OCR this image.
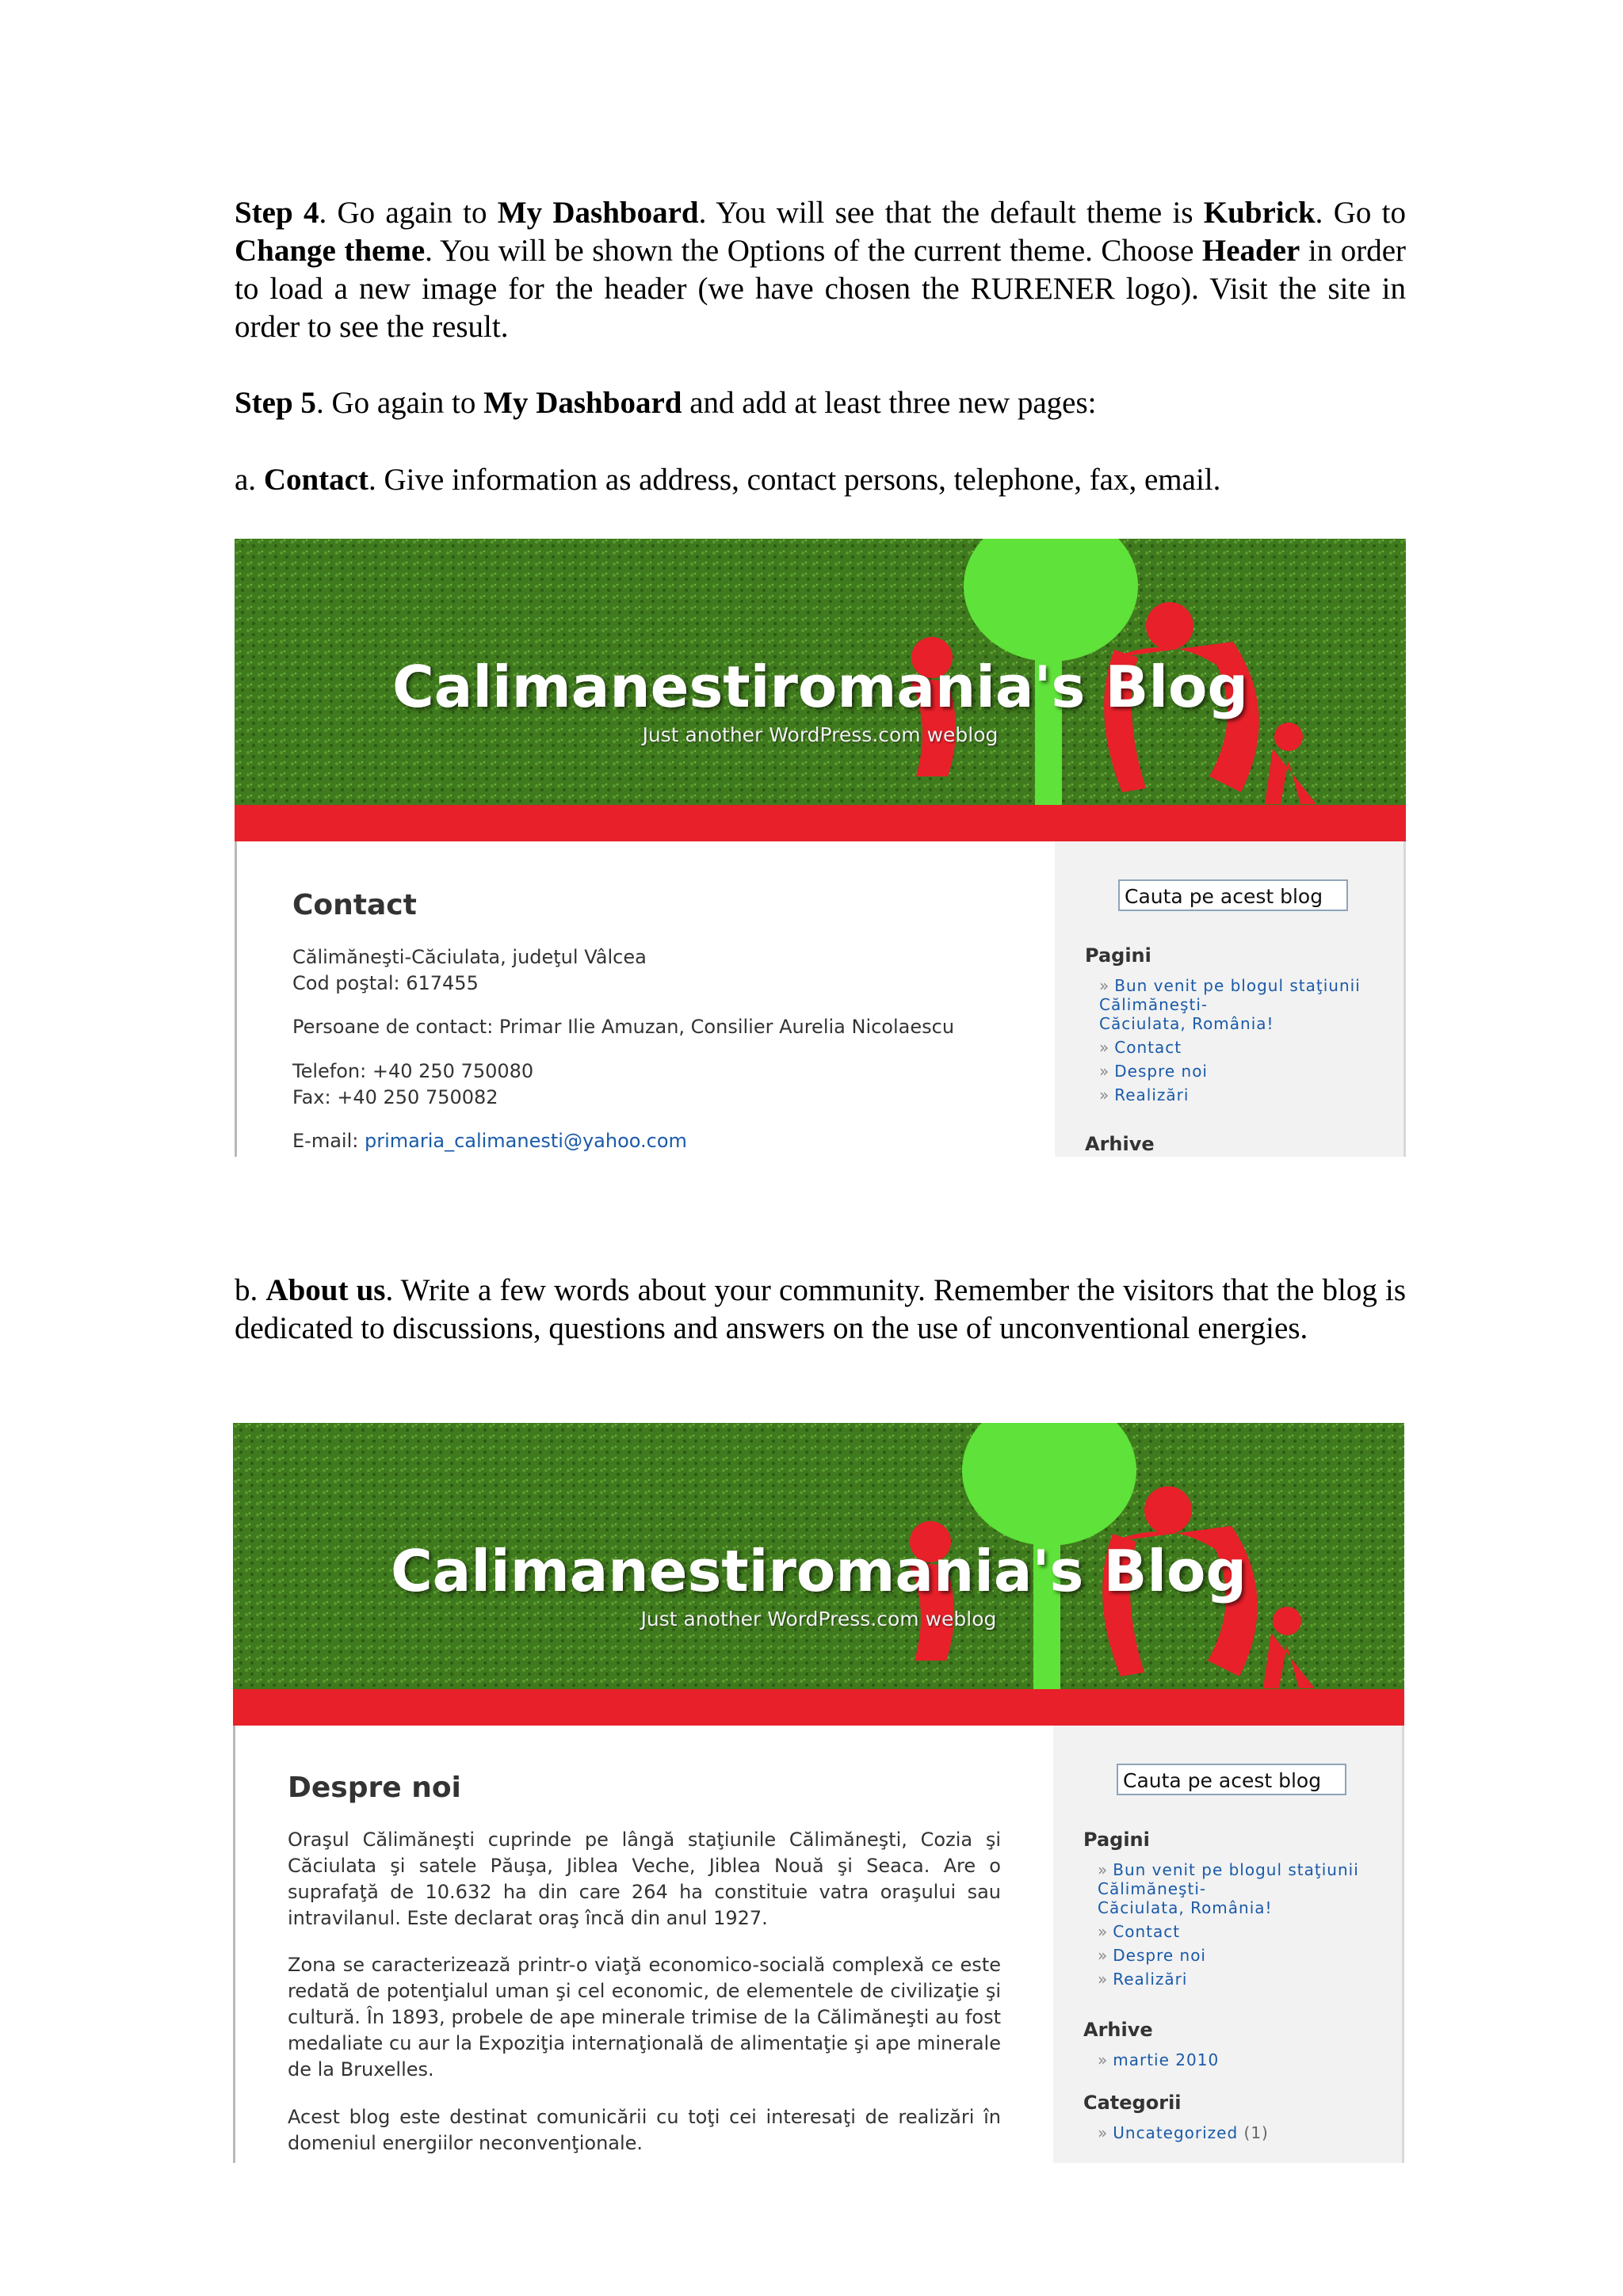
Step 4. Go again to My Dashboard. You will see that the default theme is Kubrick. Go to Change theme. You will be shown the Options of the current theme. Choose Header in order to load a new image for the header (we have chosen the RURENER logo). Visit the site in order to see the result.

Step 5. Go again to My Dashboard and add at least three new pages:

a. Contact. Give information as address, contact persons, telephone, fax, email.

Calimanestiromania's Blog
Just another WordPress.com weblog
Contact

Călimăneşti-Căciulata, judeţul Vâlcea
Cod poştal: 617455

Persoane de contact: Primar Ilie Amuzan, Consilier Aurelia Nicolaescu

Telefon: +40 250 750080
Fax: +40 250 750082

E-mail: primaria_calimanesti@yahoo.com

Cauta pe acest blog
Pagini
» Bun venit pe blogul staţiunii
Călimăneşti-
Căciulata, România!
» Contact
» Despre noi
» Realizări
Arhive

b. About us. Write a few words about your community. Remember the visitors that the blog is dedicated to discussions, questions and answers on the use of unconventional energies.

Calimanestiromania's Blog
Just another WordPress.com weblog
Despre noi

Oraşul Călimăneşti cuprinde pe lângă staţiunile Călimăneşti, Cozia şi Căciulata şi satele Păuşa, Jiblea Veche, Jiblea Nouă şi Seaca. Are o suprafaţă de 10.632 ha din care 264 ha constituie vatra oraşului sau intravilanul. Este declarat oraş încă din anul 1927.

Zona se caracterizează printr-o viaţă economico-socială complexă ce este redată de potenţialul uman şi cel economic, de elementele de civilizaţie şi cultură. În 1893, probele de ape minerale trimise de la Călimăneşti au fost medaliate cu aur la Expoziţia internaţională de alimentaţie şi ape minerale de la Bruxelles.

Acest blog este destinat comunicării cu toţi cei interesaţi de realizări în domeniul energiilor neconvenţionale.

Cauta pe acest blog
Pagini
» Bun venit pe blogul staţiunii
Călimăneşti-
Căciulata, România!
» Contact
» Despre noi
» Realizări
Arhive
» martie 2010
Categorii
» Uncategorized (1)
